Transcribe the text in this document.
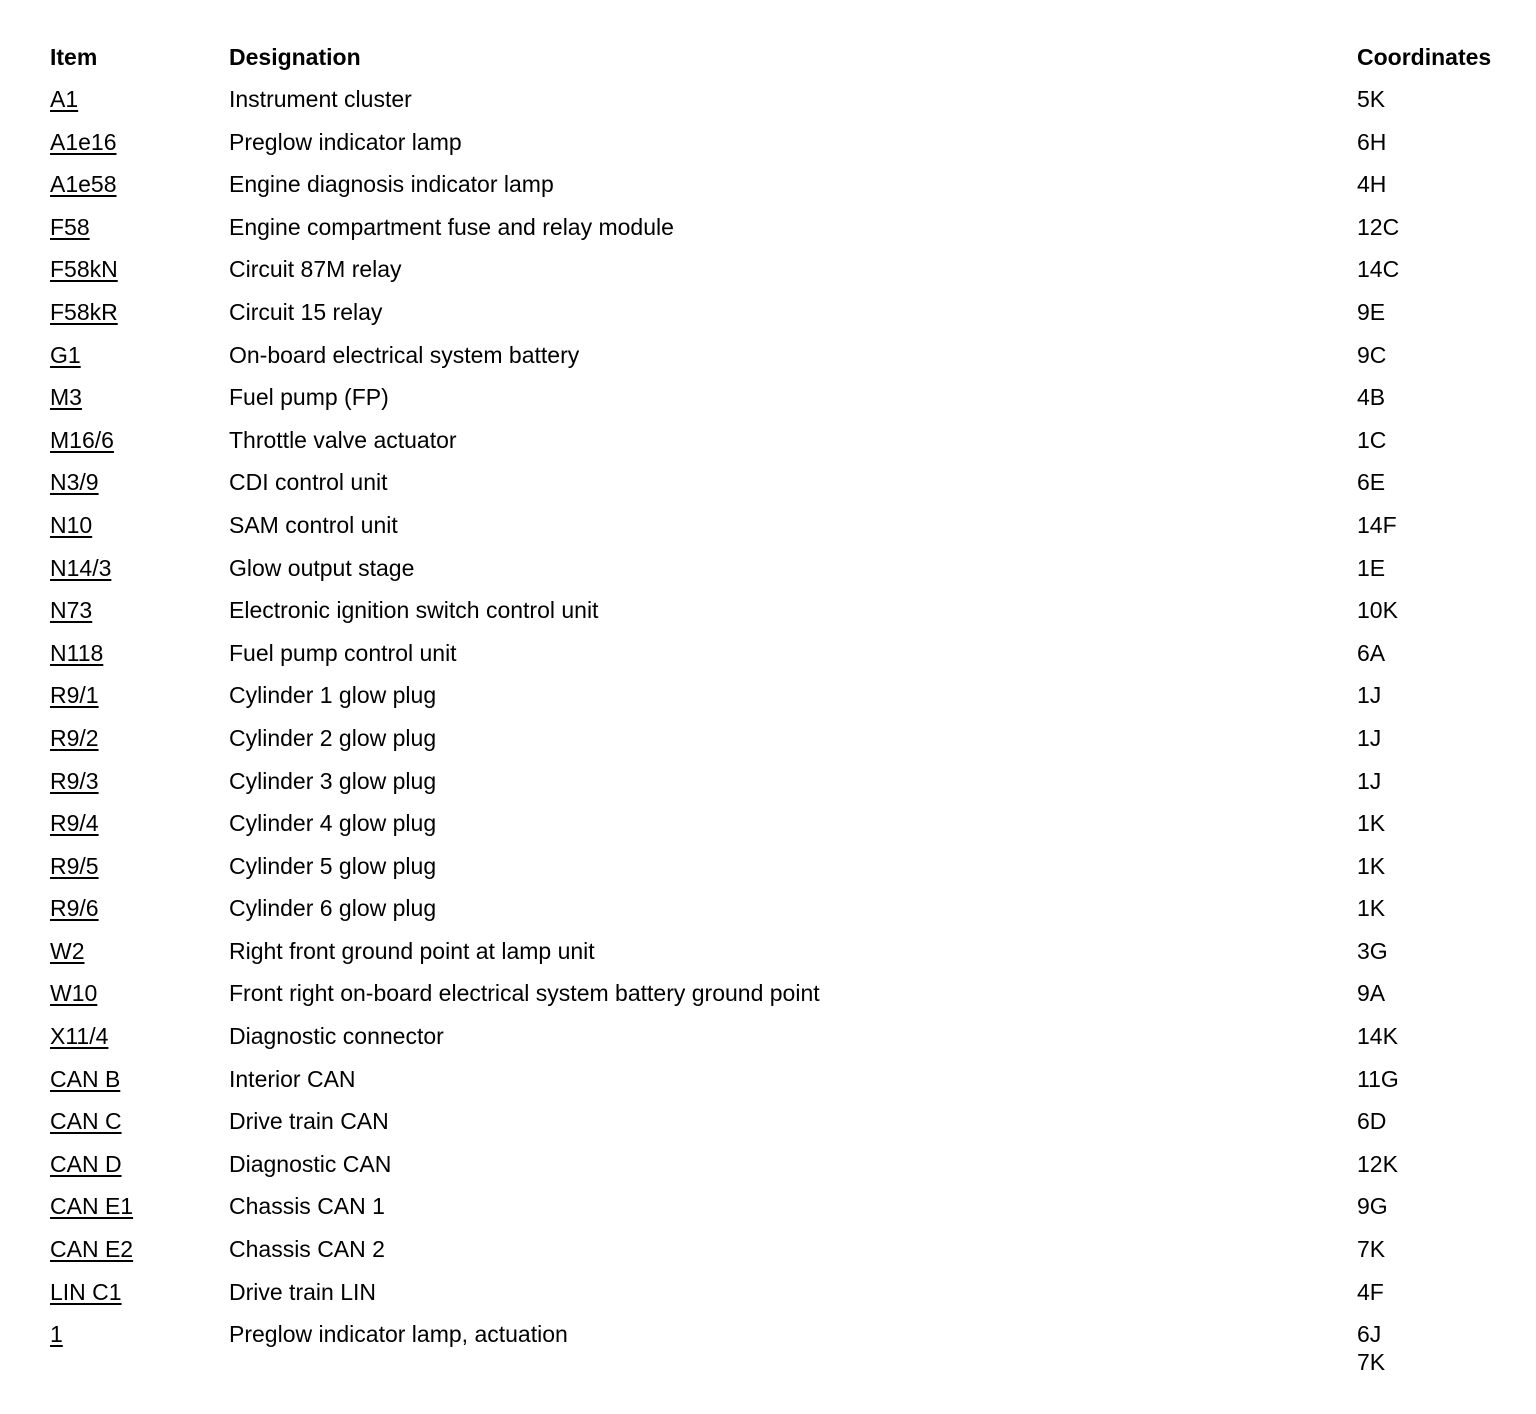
Item	Designation	Coordinates
A1	Instrument cluster	5K

A1e16	Preglow indicator lamp	6H

A1e58	Engine diagnosis indicator lamp	4H

F58	Engine compartment fuse and relay module	12C

F58kN	Circuit 87M relay	14C

F58kR	Circuit 15 relay	9E

G1	On-board electrical system battery	9C

M3	Fuel pump (FP)	4B

M16/6	Throttle valve actuator	1C

N3/9	CDI control unit	6E

N10	SAM control unit	14F

N14/3	Glow output stage	1E

N73	Electronic ignition switch control unit	10K

N118	Fuel pump control unit	6A

R9/1	Cylinder 1 glow plug	1J

R9/2	Cylinder 2 glow plug	1J

R9/3	Cylinder 3 glow plug	1J

R9/4	Cylinder 4 glow plug	1K

R9/5	Cylinder 5 glow plug	1K

R9/6	Cylinder 6 glow plug	1K

W2	Right front ground point at lamp unit	3G

W10	Front right on-board electrical system battery ground point	9A

X11/4	Diagnostic connector	14K

CAN B	Interior CAN	11G

CAN C	Drive train CAN	6D

CAN D	Diagnostic CAN	12K

CAN E1	Chassis CAN 1	9G

CAN E2	Chassis CAN 2	7K

LIN C1	Drive train LIN	4F

1	Preglow indicator lamp, actuation	6J
7K
